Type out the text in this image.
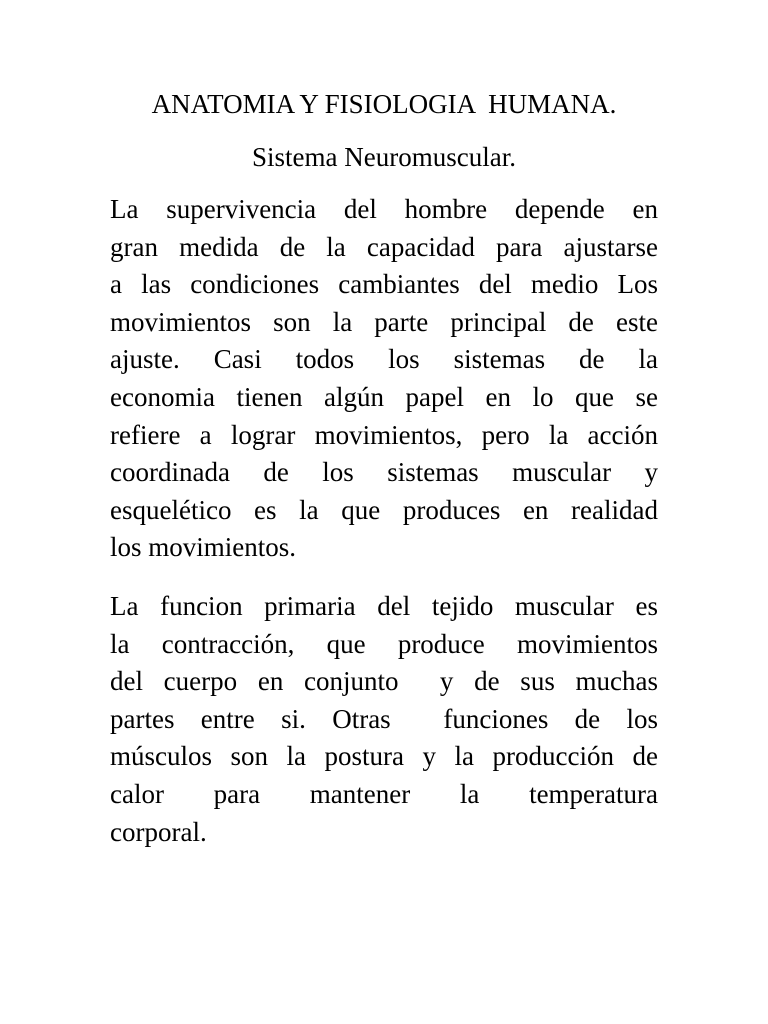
ANATOMIA Y FISIOLOGIA  HUMANA.
Sistema Neuromuscular.

La supervivencia del hombre depende en
gran medida de la capacidad para ajustarse
a las condiciones cambiantes del medio Los
movimientos son la parte principal de este
ajuste. Casi todos los sistemas de la
economia tienen algún papel en lo que se
refiere a lograr movimientos, pero la acción
coordinada de los sistemas muscular y
esquelético es la que produces en realidad
los movimientos.

La funcion primaria del tejido muscular es
la contracción, que produce movimientos
del cuerpo en conjunto  y de sus muchas
partes entre si. Otras  funciones de los
músculos son la postura y la producción de
calor para mantener la temperatura
corporal.
